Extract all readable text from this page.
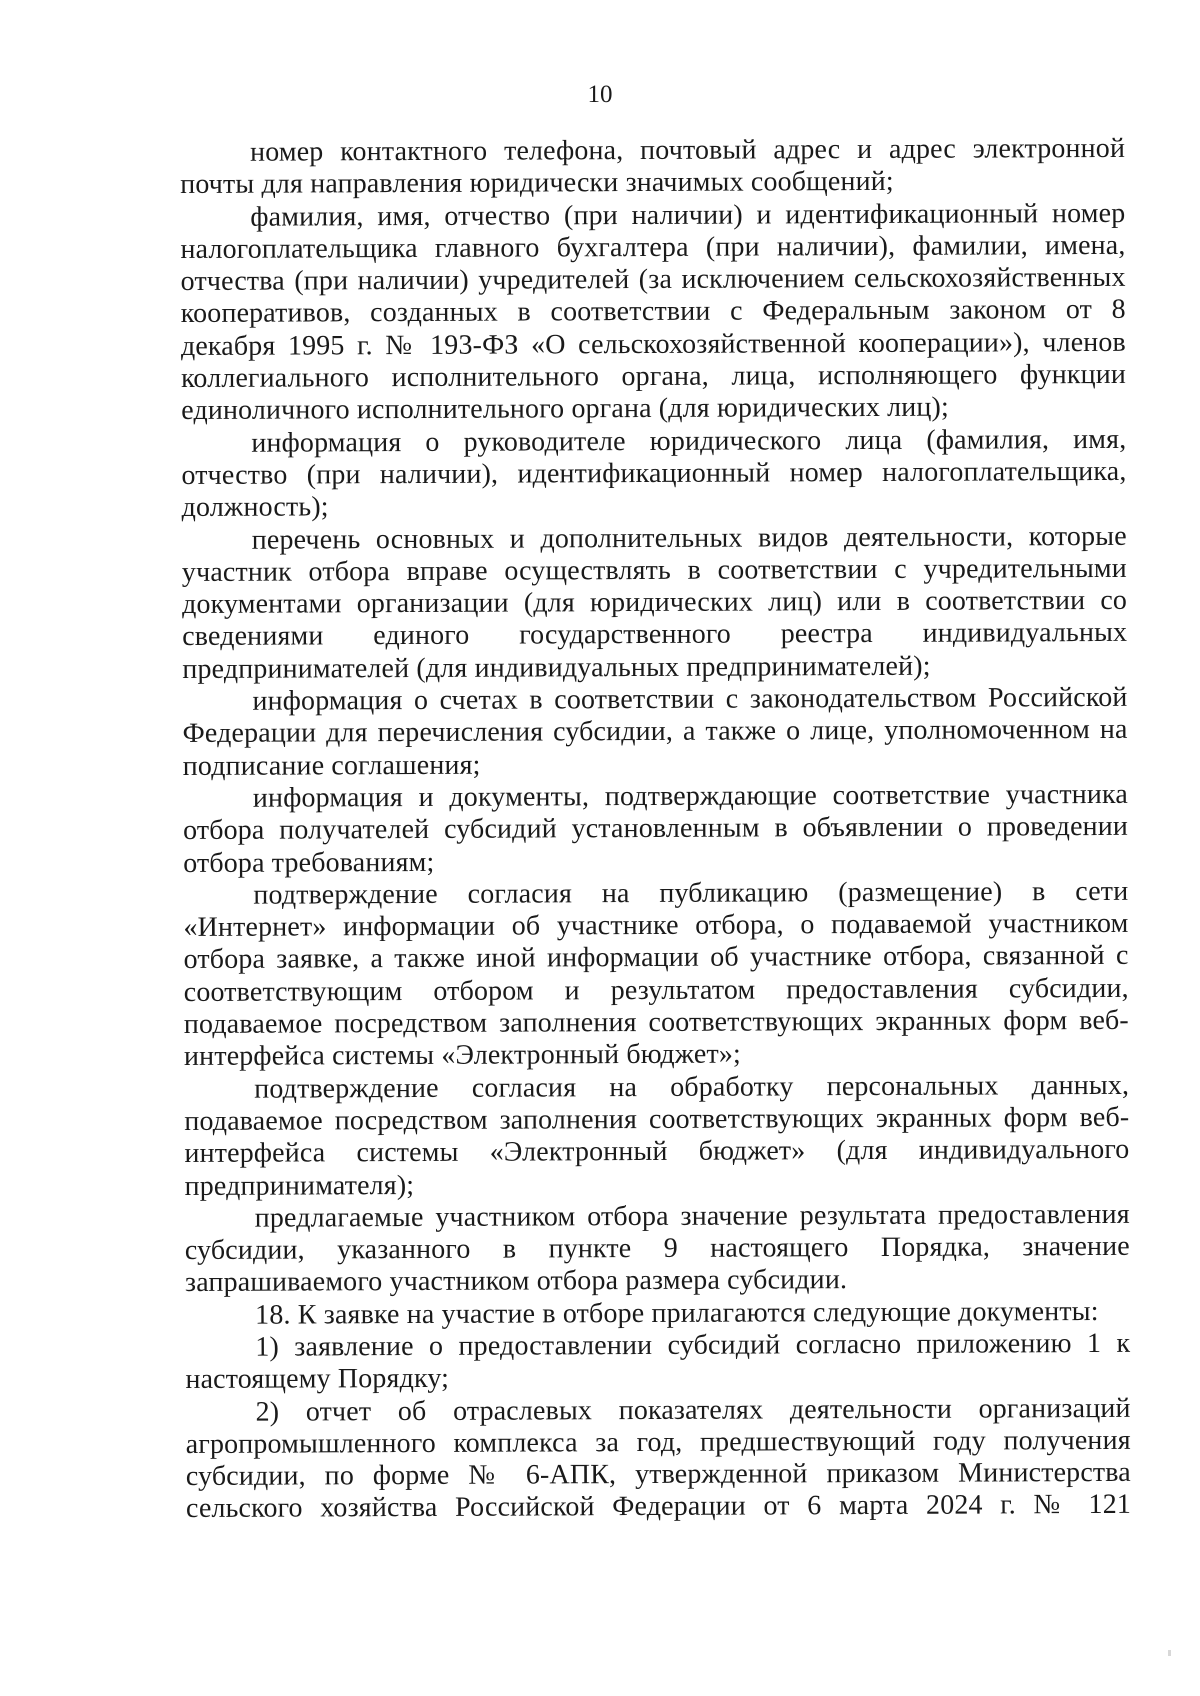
10

номер контактного телефона, почтовый адрес и адрес электронной почты для направления юридически значимых сообщений;

фамилия, имя, отчество (при наличии) и идентификационный номер налогоплательщика главного бухгалтера (при наличии), фамилии, имена, отчества (при наличии) учредителей (за исключением сельскохозяйственных кооперативов, созданных в соответствии с Федеральным законом от 8 декабря 1995 г. № 193-ФЗ «О сельскохозяйственной кооперации»), членов коллегиального исполнительного органа, лица, исполняющего функции единоличного исполнительного органа (для юридических лиц);

информация о руководителе юридического лица (фамилия, имя, отчество (при наличии), идентификационный номер налогоплательщика, должность);

перечень основных и дополнительных видов деятельности, которые участник отбора вправе осуществлять в соответствии с учредительными документами организации (для юридических лиц) или в соответствии со сведениями единого государственного реестра индивидуальных предпринимателей (для индивидуальных предпринимателей);

информация о счетах в соответствии с законодательством Российской Федерации для перечисления субсидии, а также о лице, уполномоченном на подписание соглашения;

информация и документы, подтверждающие соответствие участника отбора получателей субсидий установленным в объявлении о проведении отбора требованиям;

подтверждение согласия на публикацию (размещение) в сети «Интернет» информации об участнике отбора, о подаваемой участником отбора заявке, а также иной информации об участнике отбора, связанной с соответствующим отбором и результатом предоставления субсидии, подаваемое посредством заполнения соответствующих экранных форм веб-интерфейса системы «Электронный бюджет»;

подтверждение согласия на обработку персональных данных, подаваемое посредством заполнения соответствующих экранных форм веб-интерфейса системы «Электронный бюджет» (для индивидуального предпринимателя);

предлагаемые участником отбора значение результата предоставления субсидии, указанного в пункте 9 настоящего Порядка, значение запрашиваемого участником отбора размера субсидии.

18. К заявке на участие в отборе прилагаются следующие документы:

1) заявление о предоставлении субсидий согласно приложению 1 к настоящему Порядку;

2) отчет об отраслевых показателях деятельности организаций агропромышленного комплекса за год, предшествующий году получения субсидии, по форме № 6-АПК, утвержденной приказом Министерства сельского хозяйства Российской Федерации от 6 марта 2024 г. № 121
